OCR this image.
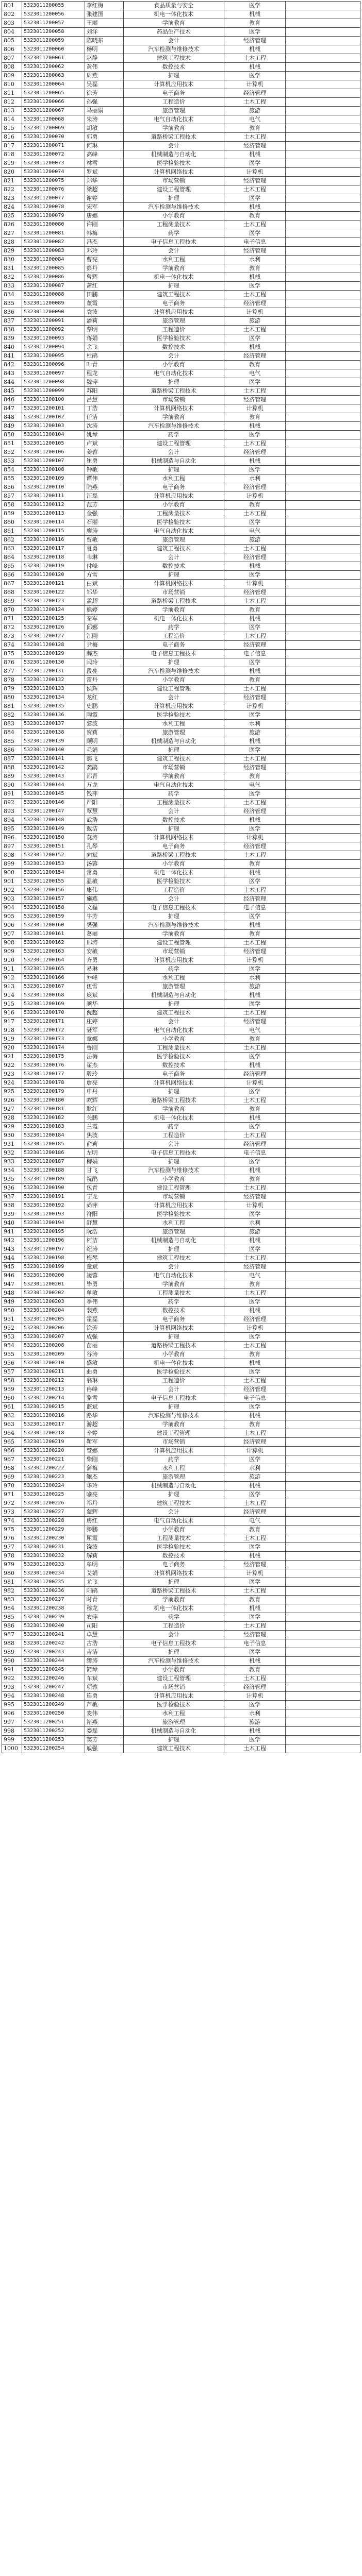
801	5323011200055	李红梅	食品质量与安全	医学	
802	5323011200056	张建国	机电一体化技术	机械	
803	5323011200057	王丽	学前教育	教育	
804	5323011200058	刘洋	药品生产技术	医学	
805	5323011200059	陈晓东	会计	经济管理	
806	5323011200060	杨明	汽车检测与维修技术	机械	
807	5323011200061	赵静	建筑工程技术	土木工程	
808	5323011200062	黄伟	数控技术	机械	
809	5323011200063	周燕	护理	医学	
810	5323011200064	吴磊	计算机应用技术	计算机	
811	5323011200065	徐芳	电子商务	经济管理	
812	5323011200066	孙强	工程造价	土木工程	
813	5323011200067	马丽娟	旅游管理	旅游	
814	5323011200068	朱涛	电气自动化技术	电气	
815	5323011200069	胡敏	学前教育	教育	
816	5323011200070	郭勇	道路桥梁工程技术	土木工程	
817	5323011200071	何琳	会计	经济管理	
818	5323011200072	高峰	机械制造与自动化	机械	
819	5323011200073	林雪	医学检验技术	医学	
820	5323011200074	罗斌	计算机网络技术	计算机	
821	5323011200075	郑华	市场营销	经济管理	
822	5323011200076	梁超	建设工程管理	土木工程	
823	5323011200077	谢婷	护理	医学	
824	5323011200078	宋军	汽车检测与维修技术	机械	
825	5323011200079	唐娜	小学教育	教育	
826	5323011200080	许刚	工程测量技术	土木工程	
827	5323011200081	韩梅	药学	医学	
828	5323011200082	冯杰	电子信息工程技术	电子信息	
829	5323011200083	邓玲	会计	经济管理	
830	5323011200084	曹亮	水利工程	水利	
831	5323011200085	彭丹	学前教育	教育	
832	5323011200086	曾辉	机电一体化技术	机械	
833	5323011200087	萧红	护理	医学	
834	5323011200088	田鹏	建筑工程技术	土木工程	
835	5323011200089	董霞	电子商务	经济管理	
836	5323011200090	袁波	计算机应用技术	计算机	
837	5323011200091	潘莉	旅游管理	旅游	
838	5323011200092	蔡明	工程造价	土木工程	
839	5323011200093	蒋娟	医学检验技术	医学	
840	5323011200094	余飞	数控技术	机械	
841	5323011200095	杜鹃	会计	经济管理	
842	5323011200096	叶青	小学教育	教育	
843	5323011200097	程龙	电气自动化技术	电气	
844	5323011200098	魏萍	护理	医学	
845	5323011200099	苏阳	道路桥梁工程技术	土木工程	
846	5323011200100	吕慧	市场营销	经济管理	
847	5323011200101	丁浩	计算机网络技术	计算机	
848	5323011200102	任洁	学前教育	教育	
849	5323011200103	沈涛	汽车检测与维修技术	机械	
850	5323011200104	姚琴	药学	医学	
851	5323011200105	卢斌	建设工程管理	土木工程	
852	5323011200106	姜蓉	会计	经济管理	
853	5323011200107	崔勇	机械制造与自动化	机械	
854	5323011200108	钟敏	护理	医学	
855	5323011200109	谭伟	水利工程	水利	
856	5323011200110	陆燕	电子商务	经济管理	
857	5323011200111	汪磊	计算机应用技术	计算机	
858	5323011200112	范芳	小学教育	教育	
859	5323011200113	金强	工程测量技术	土木工程	
860	5323011200114	石丽	医学检验技术	医学	
861	5323011200115	廖涛	电气自动化技术	电气	
862	5323011200116	贾敏	旅游管理	旅游	
863	5323011200117	夏勇	建筑工程技术	土木工程	
864	5323011200118	韦琳	会计	经济管理	
865	5323011200119	付峰	数控技术	机械	
866	5323011200120	方雪	护理	医学	
867	5323011200121	白斌	计算机网络技术	计算机	
868	5323011200122	邹华	市场营销	经济管理	
869	5323011200123	孟超	道路桥梁工程技术	土木工程	
870	5323011200124	熊婷	学前教育	教育	
871	5323011200125	秦军	机电一体化技术	机械	
872	5323011200126	邱娜	药学	医学	
873	5323011200127	江刚	工程造价	土木工程	
874	5323011200128	尹梅	电子商务	经济管理	
875	5323011200129	薛杰	电子信息工程技术	电子信息	
876	5323011200130	闫玲	护理	医学	
877	5323011200131	段亮	汽车检测与维修技术	机械	
878	5323011200132	雷丹	小学教育	教育	
879	5323011200133	侯辉	建设工程管理	土木工程	
880	5323011200134	龙红	会计	经济管理	
881	5323011200135	史鹏	计算机应用技术	计算机	
882	5323011200136	陶霞	医学检验技术	医学	
883	5323011200137	黎波	水利工程	水利	
884	5323011200138	贺莉	旅游管理	旅游	
885	5323011200139	顾明	机械制造与自动化	机械	
886	5323011200140	毛娟	护理	医学	
887	5323011200141	郝飞	建筑工程技术	土木工程	
888	5323011200142	龚鹃	市场营销	经济管理	
889	5323011200143	邵青	学前教育	教育	
890	5323011200144	万龙	电气自动化技术	电气	
891	5323011200145	钱萍	药学	医学	
892	5323011200146	严阳	工程测量技术	土木工程	
893	5323011200147	覃慧	会计	经济管理	
894	5323011200148	武浩	数控技术	机械	
895	5323011200149	戴洁	护理	医学	
896	5323011200150	莫涛	计算机网络技术	计算机	
897	5323011200151	孔琴	电子商务	经济管理	
898	5323011200152	向斌	道路桥梁工程技术	土木工程	
899	5323011200153	汤蓉	小学教育	教育	
900	5323011200154	常勇	机电一体化技术	机械	
901	5323011200155	温敏	医学检验技术	医学	
902	5323011200156	康伟	工程造价	土木工程	
903	5323011200157	施燕	会计	经济管理	
904	5323011200158	文磊	电子信息工程技术	电子信息	
905	5323011200159	牛芳	护理	医学	
906	5323011200160	樊强	汽车检测与维修技术	机械	
907	5323011200161	葛丽	学前教育	教育	
908	5323011200162	邢涛	建设工程管理	土木工程	
909	5323011200163	安敏	市场营销	经济管理	
910	5323011200164	齐勇	计算机应用技术	计算机	
911	5323011200165	易琳	药学	医学	
912	5323011200166	乔峰	水利工程	水利	
913	5323011200167	伍雪	旅游管理	旅游	
914	5323011200168	庞斌	机械制造与自动化	机械	
915	5323011200169	颜华	护理	医学	
916	5323011200170	倪超	建筑工程技术	土木工程	
917	5323011200171	庄婷	会计	经济管理	
918	5323011200172	聂军	电气自动化技术	电气	
919	5323011200173	章娜	小学教育	教育	
920	5323011200174	鲁刚	工程测量技术	土木工程	
921	5323011200175	岳梅	医学检验技术	医学	
922	5323011200176	翟杰	数控技术	机械	
923	5323011200177	殷玲	电子商务	经济管理	
924	5323011200178	詹亮	计算机网络技术	计算机	
925	5323011200179	申丹	护理	医学	
926	5323011200180	欧辉	道路桥梁工程技术	土木工程	
927	5323011200181	耿红	学前教育	教育	
928	5323011200182	关鹏	机电一体化技术	机械	
929	5323011200183	兰霞	药学	医学	
930	5323011200184	焦波	工程造价	土木工程	
931	5323011200185	俞莉	会计	经济管理	
932	5323011200186	左明	电子信息工程技术	电子信息	
933	5323011200187	柳娟	护理	医学	
934	5323011200188	甘飞	汽车检测与维修技术	机械	
935	5323011200189	祝鹃	小学教育	教育	
936	5323011200190	包青	建设工程管理	土木工程	
937	5323011200191	宁龙	市场营销	经济管理	
938	5323011200192	尚萍	计算机应用技术	计算机	
939	5323011200193	符阳	医学检验技术	医学	
940	5323011200194	舒慧	水利工程	水利	
941	5323011200195	阮浩	旅游管理	旅游	
942	5323011200196	柯洁	机械制造与自动化	机械	
943	5323011200197	纪涛	护理	医学	
944	5323011200198	梅琴	建筑工程技术	土木工程	
945	5323011200199	童斌	会计	经济管理	
946	5323011200200	凌蓉	电气自动化技术	电气	
947	5323011200201	毕勇	学前教育	教育	
948	5323011200202	单敏	工程测量技术	土木工程	
949	5323011200203	季伟	药学	医学	
950	5323011200204	裴燕	数控技术	机械	
951	5323011200205	霍磊	电子商务	经济管理	
952	5323011200206	涂芳	计算机网络技术	计算机	
953	5323011200207	成强	护理	医学	
954	5323011200208	苗丽	道路桥梁工程技术	土木工程	
955	5323011200209	谷涛	小学教育	教育	
956	5323011200210	盛敏	机电一体化技术	机械	
957	5323011200211	曲勇	医学检验技术	医学	
958	5323011200212	翁琳	工程造价	土木工程	
959	5323011200213	冉峰	会计	经济管理	
960	5323011200214	骆雪	电子信息工程技术	电子信息	
961	5323011200215	蓝斌	护理	医学	
962	5323011200216	路华	汽车检测与维修技术	机械	
963	5323011200217	游超	学前教育	教育	
964	5323011200218	辛婷	建设工程管理	土木工程	
965	5323011200219	靳军	市场营销	经济管理	
966	5323011200220	管娜	计算机应用技术	计算机	
967	5323011200221	柴刚	药学	医学	
968	5323011200222	蒲梅	水利工程	水利	
969	5323011200223	鲍杰	旅游管理	旅游	
970	5323011200224	华玲	机械制造与自动化	机械	
971	5323011200225	喻亮	护理	医学	
972	5323011200226	祁丹	建筑工程技术	土木工程	
973	5323011200227	蒙辉	会计	经济管理	
974	5323011200228	房红	电气自动化技术	电气	
975	5323011200229	滕鹏	小学教育	教育	
976	5323011200230	屈霞	工程测量技术	土木工程	
977	5323011200231	饶波	医学检验技术	医学	
978	5323011200232	解莉	数控技术	机械	
979	5323011200233	牟明	电子商务	经济管理	
980	5323011200234	艾娟	计算机网络技术	计算机	
981	5323011200235	尤飞	护理	医学	
982	5323011200236	阳鹃	道路桥梁工程技术	土木工程	
983	5323011200237	时青	学前教育	教育	
984	5323011200238	穆龙	机电一体化技术	机械	
985	5323011200239	农萍	药学	医学	
986	5323011200240	司阳	工程造价	土木工程	
987	5323011200241	卓慧	会计	经济管理	
988	5323011200242	古浩	电子信息工程技术	电子信息	
989	5323011200243	吉洁	护理	医学	
990	5323011200244	缪涛	汽车检测与维修技术	机械	
991	5323011200245	简琴	小学教育	教育	
992	5323011200246	车斌	建设工程管理	土木工程	
993	5323011200247	项蓉	市场营销	经济管理	
994	5323011200248	连勇	计算机应用技术	计算机	
995	5323011200249	芦敏	医学检验技术	医学	
996	5323011200250	麦伟	水利工程	水利	
997	5323011200251	褚燕	旅游管理	旅游	
998	5323011200252	娄磊	机械制造与自动化	机械	
999	5323011200253	窦芳	护理	医学	
1000	5323011200254	戚强	建筑工程技术	土木工程	
